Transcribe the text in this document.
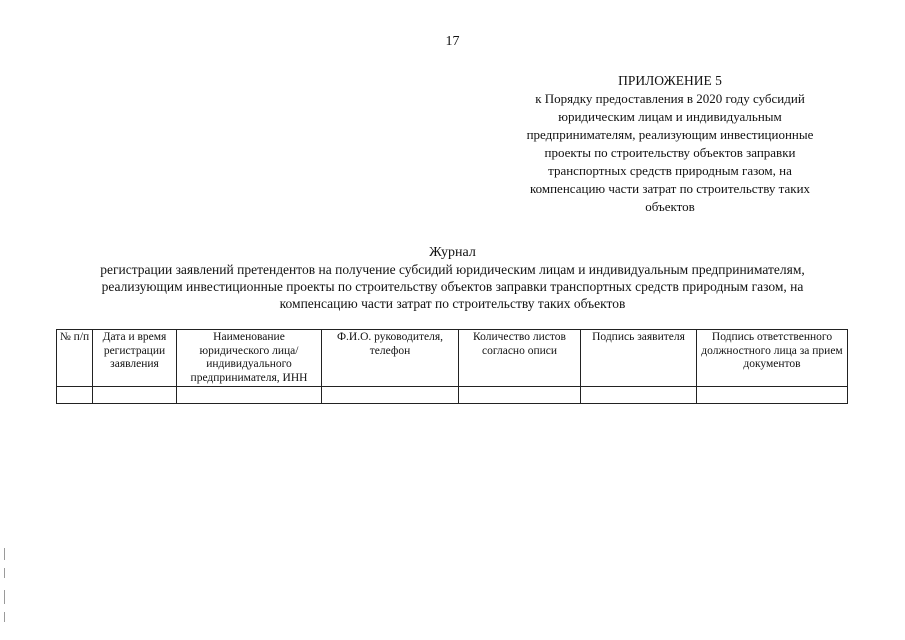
17
ПРИЛОЖЕНИЕ 5
к Порядку предоставления в 2020 году субсидий
юридическим лицам и индивидуальным
предпринимателям, реализующим инвестиционные
проекты по строительству объектов заправки
транспортных средств природным газом, на
компенсацию части затрат по строительству таких
объектов
Журнал
регистрации заявлений претендентов на получение субсидий юридическим лицам и индивидуальным предпринимателям,
реализующим инвестиционные проекты по строительству объектов заправки транспортных средств природным газом, на
компенсацию части затрат по строительству таких объектов
№ п/п	Дата и время регистрации заявления	Наименование юридического лица/индивидуального предпринимателя, ИНН	Ф.И.О. руководителя, телефон	Количество листов согласно описи	Подпись заявителя	Подпись ответственного должностного лица за прием документов
